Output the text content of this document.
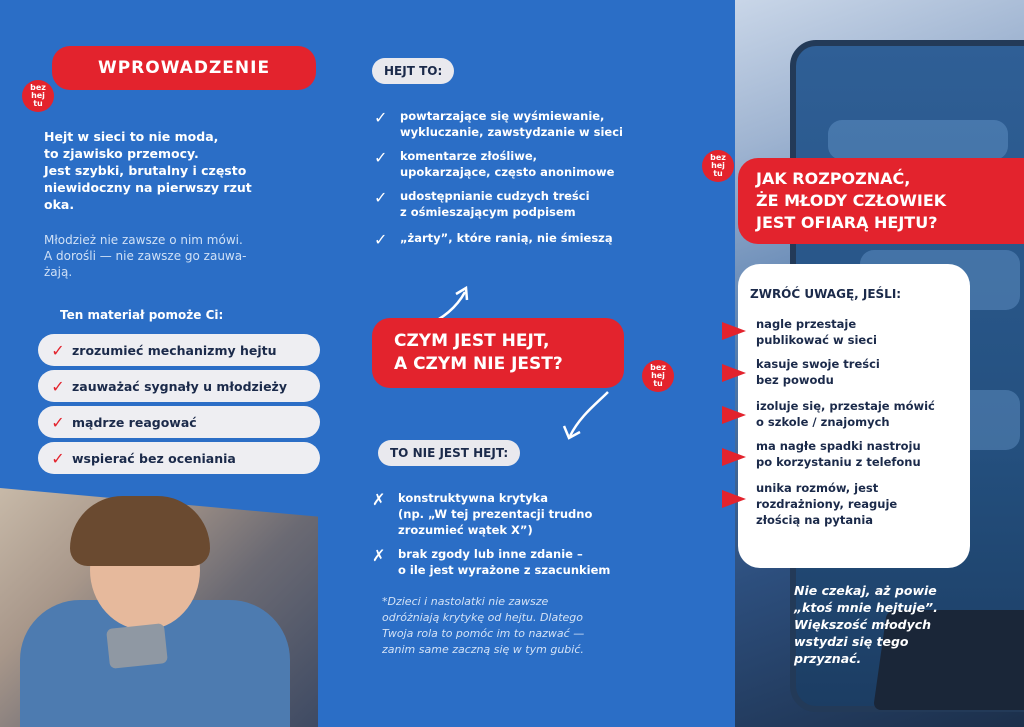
WPROWADZENIE
bez
hej
tu
Hejt w sieci to nie moda,
to zjawisko przemocy.
Jest szybki, brutalny i często
niewidoczny na pierwszy rzut
oka.
Młodzież nie zawsze o nim mówi.
A dorośli — nie zawsze go zauwa-
żają.
Ten materiał pomoże Ci:
✓ zrozumieć mechanizmy hejtu
✓ zauważać sygnały u młodzieży
✓ mądrze reagować
✓ wspierać bez oceniania
HEJT TO:
✓	powtarzające się wyśmiewanie,
wykluczanie, zawstydzanie w sieci
✓	komentarze złośliwe,
upokarzające, często anonimowe
✓	udostępnianie cudzych treści
z ośmieszającym podpisem
✓	„żarty”, które ranią, nie śmieszą
CZYM JEST HEJT,
A CZYM NIE JEST?	bez
hej
tu
TO NIE JEST HEJT:
✗	konstruktywna krytyka
(np. „W tej prezentacji trudno
zrozumieć wątek X”)
✗	brak zgody lub inne zdanie –
o ile jest wyrażone z szacunkiem
*Dzieci i nastolatki nie zawsze
odróżniają krytykę od hejtu. Dlatego
Twoja rola to pomóc im to nazwać —
zanim same zaczną się w tym gubić.
bez
hej
tu	JAK ROZPOZNAĆ,
ŻE MŁODY CZŁOWIEK
JEST OFIARĄ HEJTU?
ZWRÓĆ UWAGĘ, JEŚLI:
nagle przestaje
publikować w sieci
kasuje swoje treści
bez powodu
izoluje się, przestaje mówić
o szkole / znajomych
ma nagłe spadki nastroju
po korzystaniu z telefonu
unika rozmów, jest
rozdrażniony, reaguje
złością na pytania
Nie czekaj, aż powie
„ktoś mnie hejtuje”.
Większość młodych
wstydzi się tego
przyznać.
